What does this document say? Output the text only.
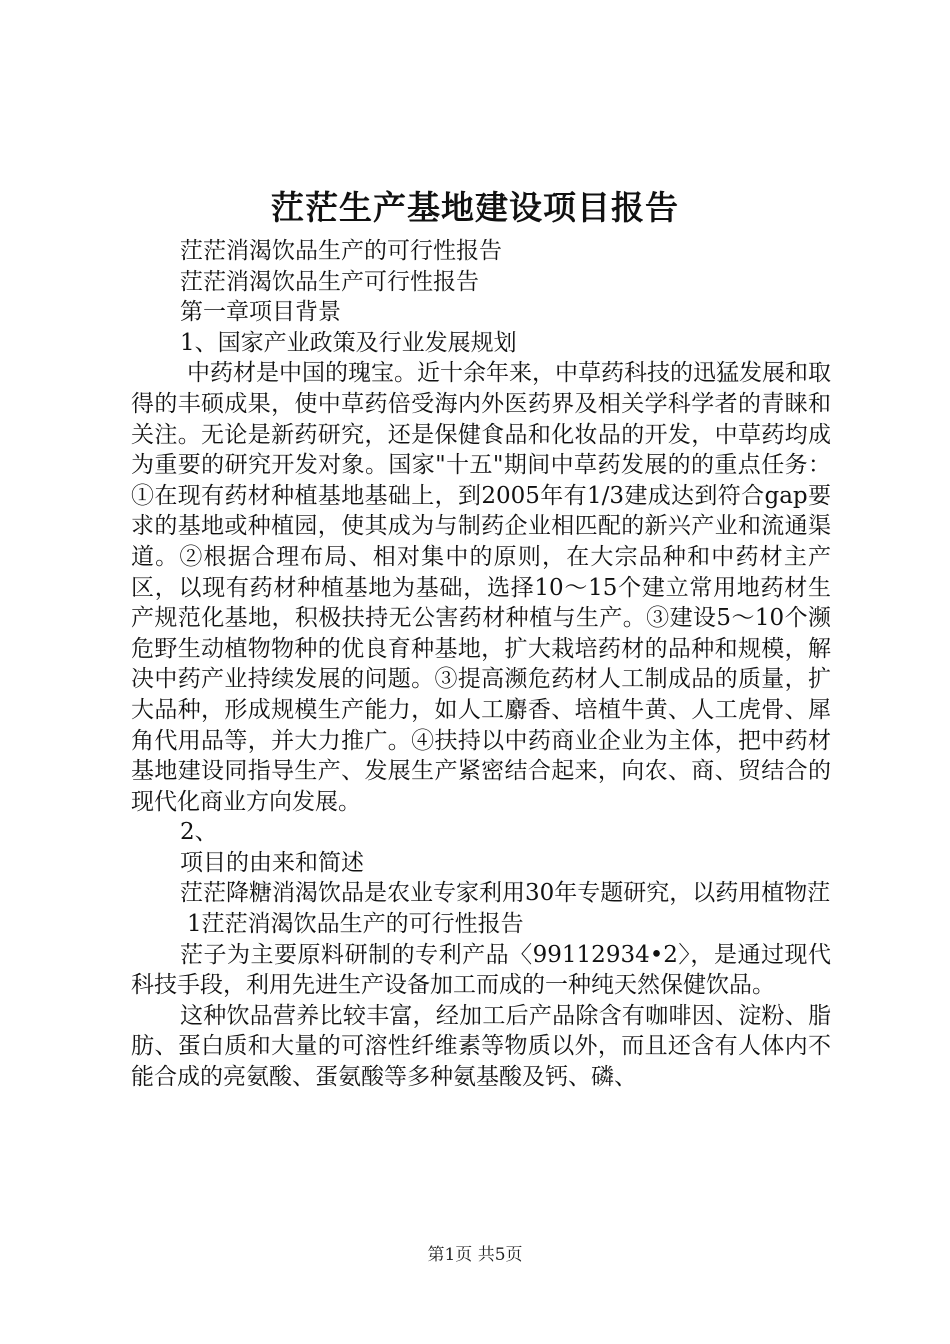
茳茫生产基地建设项目报告

茳茫消渴饮品生产的可行性报告

茳茫消渴饮品生产可行性报告

第一章项目背景

1、国家产业政策及行业发展规划

中药材是中国的瑰宝。近十余年来，中草药科技的迅猛发展和取得的丰硕成果，使中草药倍受海内外医药界及相关学科学者的青睐和关注。无论是新药研究，还是保健食品和化妆品的开发，中草药均成为重要的研究开发对象。国家"十五"期间中草药发展的的重点任务：①在现有药材种植基地基础上，到2005年有1/3建成达到符合gap要求的基地或种植园，使其成为与制药企业相匹配的新兴产业和流通渠道。②根据合理布局、相对集中的原则，在大宗品种和中药材主产区，以现有药材种植基地为基础，选择10～15个建立常用地药材生产规范化基地，积极扶持无公害药材种植与生产。③建设5～10个濒危野生动植物物种的优良育种基地，扩大栽培药材的品种和规模，解决中药产业持续发展的问题。③提高濒危药材人工制成品的质量，扩大品种，形成规模生产能力，如人工麝香、培植牛黄、人工虎骨、犀角代用品等，并大力推广。④扶持以中药商业企业为主体，把中药材基地建设同指导生产、发展生产紧密结合起来，向农、商、贸结合的现代化商业方向发展。

2、

项目的由来和简述

茳茫降糖消渴饮品是农业专家利用30年专题研究，以药用植物茳

1茳茫消渴饮品生产的可行性报告

茫子为主要原料研制的专利产品〈99112934•2〉，是通过现代科技手段，利用先进生产设备加工而成的一种纯天然保健饮品。

这种饮品营养比较丰富，经加工后产品除含有咖啡因、淀粉、脂肪、蛋白质和大量的可溶性纤维素等物质以外，而且还含有人体内不能合成的亮氨酸、蛋氨酸等多种氨基酸及钙、磷、

第1页 共5页
